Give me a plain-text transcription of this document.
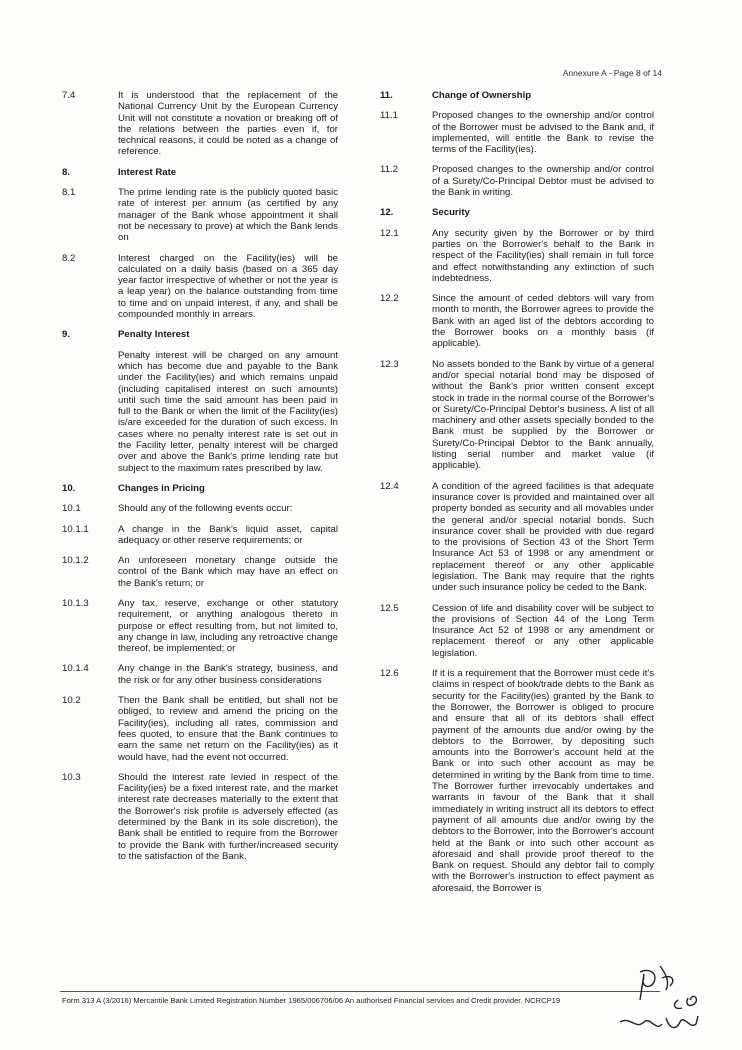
Annexure A - Page 8 of 14
7.4	It is understood that the replacement of the National Currency Unit by the European Currency Unit will not constitute a novation or breaking off of the relations between the parties even if, for technical reasons, it could be noted as a change of reference.
8.	Interest Rate
8.1	The prime lending rate is the publicly quoted basic rate of interest per annum (as certified by any manager of the Bank whose appointment it shall not be necessary to prove) at which the Bank lends on
8.2	Interest charged on the Facility(ies) will be calculated on a daily basis (based on a 365 day year factor irrespective of whether or not the year is a leap year) on the balance outstanding from time to time and on unpaid interest, if any, and shall be compounded monthly in arrears.
9.	Penalty Interest
Penalty interest will be charged on any amount which has become due and payable to the Bank under the Facility(ies) and which remains unpaid (including capitalised interest on such amounts) until such time the said amount has been paid in full to the Bank or when the limit of the Facility(ies) is/are exceeded for the duration of such excess. In cases where no penalty interest rate is set out in the Facility letter, penalty interest will be charged over and above the Bank's prime lending rate but subject to the maximum rates prescribed by law.
10.	Changes in Pricing
10.1	Should any of the following events occur:
10.1.1	A change in the Bank's liquid asset, capital adequacy or other reserve requirements; or
10.1.2	An unforeseen monetary change outside the control of the Bank which may have an effect on the Bank's return; or
10.1.3	Any tax, reserve, exchange or other statutory requirement, or anything analogous thereto in purpose or effect resulting from, but not limited to, any change in law, including any retroactive change thereof, be implemented; or
10.1.4	Any change in the Bank's strategy, business, and the risk or for any other business considerations
10.2	Then the Bank shall be entitled, but shall not be obliged, to review and amend the pricing on the Facility(ies), including all rates, commission and fees quoted, to ensure that the Bank continues to earn the same net return on the Facility(ies) as it would have, had the event not occurred.
10.3	Should the interest rate levied in respect of the Facility(ies) be a fixed interest rate, and the market interest rate decreases materially to the extent that the Borrower's risk profile is adversely effected (as determined by the Bank in its sole discretion), the Bank shall be entitled to require from the Borrower to provide the Bank with further/increased security to the satisfaction of the Bank.
11.	Change of Ownership
11.1	Proposed changes to the ownership and/or control of the Borrower must be advised to the Bank and, if implemented, will entitle the Bank to revise the terms of the Facility(ies).
11.2	Proposed changes to the ownership and/or control of a Surety/Co-Principal Debtor must be advised to the Bank in writing.
12.	Security
12.1	Any security given by the Borrower or by third parties on the Borrower's behalf to the Bank in respect of the Facility(ies) shall remain in full force and effect notwithstanding any extinction of such indebtedness.
12.2	Since the amount of ceded debtors will vary from month to month, the Borrower agrees to provide the Bank with an aged list of the debtors according to the Borrower books on a monthly basis (if applicable).
12.3	No assets bonded to the Bank by virtue of a general and/or special notarial bond may be disposed of without the Bank's prior written consent except stock in trade in the normal course of the Borrower's or Surety/Co-Principal Debtor's business. A list of all machinery and other assets specially bonded to the Bank must be supplied by the Borrower or Surety/Co-Principal Debtor to the Bank annually, listing serial number and market value (if applicable).
12.4	A condition of the agreed facilities is that adequate insurance cover is provided and maintained over all property bonded as security and all movables under the general and/or special notarial bonds. Such insurance cover shall be provided with due regard to the provisions of Section 43 of the Short Term Insurance Act 53 of 1998 or any amendment or replacement thereof or any other applicable legislation. The Bank may require that the rights under such insurance policy be ceded to the Bank.
12.5	Cession of life and disability cover will be subject to the provisions of Section 44 of the Long Term Insurance Act 52 of 1998 or any amendment or replacement thereof or any other applicable legislation.
12.6	If it is a requirement that the Borrower must cede it's claims in respect of book/trade debts to the Bank as security for the Facility(ies) granted by the Bank to the Borrower, the Borrower is obliged to procure and ensure that all of its debtors shall effect payment of the amounts due and/or owing by the debtors to the Borrower, by depositing such amounts into the Borrower's account held at the Bank or into such other account as may be determined in writing by the Bank from time to time. The Borrower further irrevocably undertakes and warrants in favour of the Bank that it shall immediately in writing instruct all its debtors to effect payment of all amounts due and/or owing by the debtors to the Borrower, into the Borrower's account held at the Bank or into such other account as aforesaid and shall provide proof thereof to the Bank on request. Should any debtor fail to comply with the Borrower's instruction to effect payment as aforesaid, the Borrower is
Form 313 A (3/2016) Mercantile Bank Limited Registration Number 1965/006706/06 An authorised Financial services and Credit provider. NCRCP19
